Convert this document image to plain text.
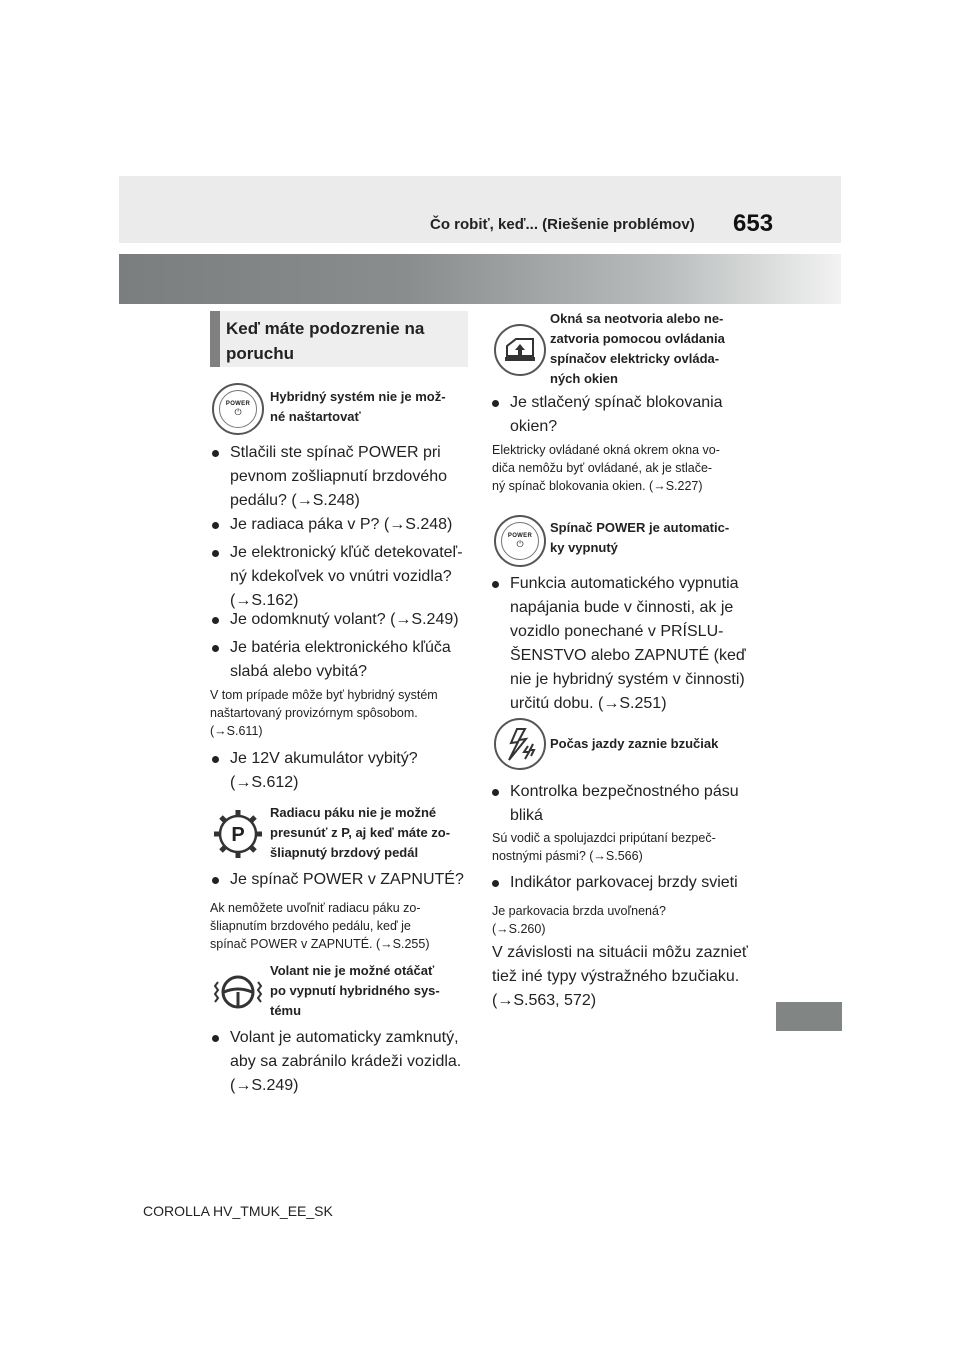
Čo robiť, keď... (Riešenie problémov) 653
Keď máte podozrenie na
poruchu
POWER
⏻
Hybridný systém nie je mož-
né naštartovať
Stlačili ste spínač POWER pri
pevnom zošliapnutí brzdového
pedálu? (→S.248)
Je radiaca páka v P? (→S.248)
Je elektronický kľúč detekovateľ-
ný kdekoľvek vo vnútri vozidla?
(→S.162)
Je odomknutý volant? (→S.249)
Je batéria elektronického kľúča
slabá alebo vybitá?
V tom prípade môže byť hybridný systém
naštartovaný provizórnym spôsobom.
(→S.611)
Je 12V akumulátor vybitý?
(→S.612)
P
Radiacu páku nie je možné
presunúť z P, aj keď máte zo-
šliapnutý brzdový pedál
Je spínač POWER v ZAPNUTÉ?
Ak nemôžete uvoľniť radiacu páku zo-
šliapnutím brzdového pedálu, keď je
spínač POWER v ZAPNUTÉ. (→S.255)
Volant nie je možné otáčať
po vypnutí hybridného sys-
tému
Volant je automaticky zamknutý,
aby sa zabránilo krádeži vozidla.
(→S.249)
Okná sa neotvoria alebo ne-
zatvoria pomocou ovládania
spínačov elektricky ovláda-
ných okien
Je stlačený spínač blokovania
okien?
Elektricky ovládané okná okrem okna vo-
diča nemôžu byť ovládané, ak je stlače-
ný spínač blokovania okien. (→S.227)
POWER
⏻
Spínač POWER je automatic-
ky vypnutý
Funkcia automatického vypnutia
napájania bude v činnosti, ak je
vozidlo ponechané v PRÍSLU-
ŠENSTVO alebo ZAPNUTÉ (keď
nie je hybridný systém v činnosti)
určitú dobu. (→S.251)
Počas jazdy zaznie bzučiak
Kontrolka bezpečnostného pásu
bliká
Sú vodič a spolujazdci pripútaní bezpeč-
nostnými pásmi? (→S.566)
Indikátor parkovacej brzdy svieti
Je parkovacia brzda uvoľnená?
(→S.260)
V závislosti na situácii môžu zaznieť
tiež iné typy výstražného bzučiaku.
(→S.563, 572)
COROLLA HV_TMUK_EE_SK
